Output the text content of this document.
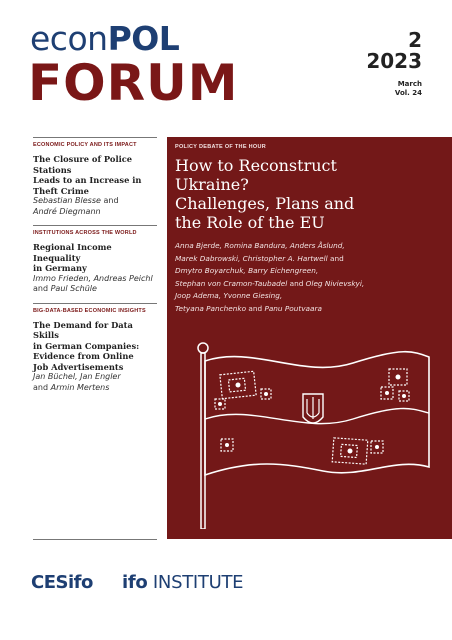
econPOL
FORUM
2
2023
March
Vol. 24
ECONOMIC POLICY AND ITS IMPACT
The Closure of Police Stations
Leads to an Increase in
Theft Crime
Sebastian Blesse and
André Diegmann
INSTITUTIONS ACROSS THE WORLD
Regional Income Inequality
in Germany
Immo Frieden, Andreas Peichl
and Paul Schüle
BIG-DATA-BASED ECONOMIC INSIGHTS
The Demand for Data Skills
in German Companies:
Evidence from Online
Job Advertisements
Jan Büchel, Jan Engler
and Armin Mertens
POLICY DEBATE OF THE HOUR
How to Reconstruct
Ukraine?
Challenges, Plans and
the Role of the EU
Anna Bjerde, Romina Bandura, Anders Åslund,
Marek Dabrowski, Christopher A. Hartwell and
Dmytro Boyarchuk, Barry Eichengreen,
Stephan von Cramon-Taubadel and Oleg Nivievskyi,
Joop Adema, Yvonne Giesing,
Tetyana Panchenko and Panu Poutvaara
CESifo ifo INSTITUTE
